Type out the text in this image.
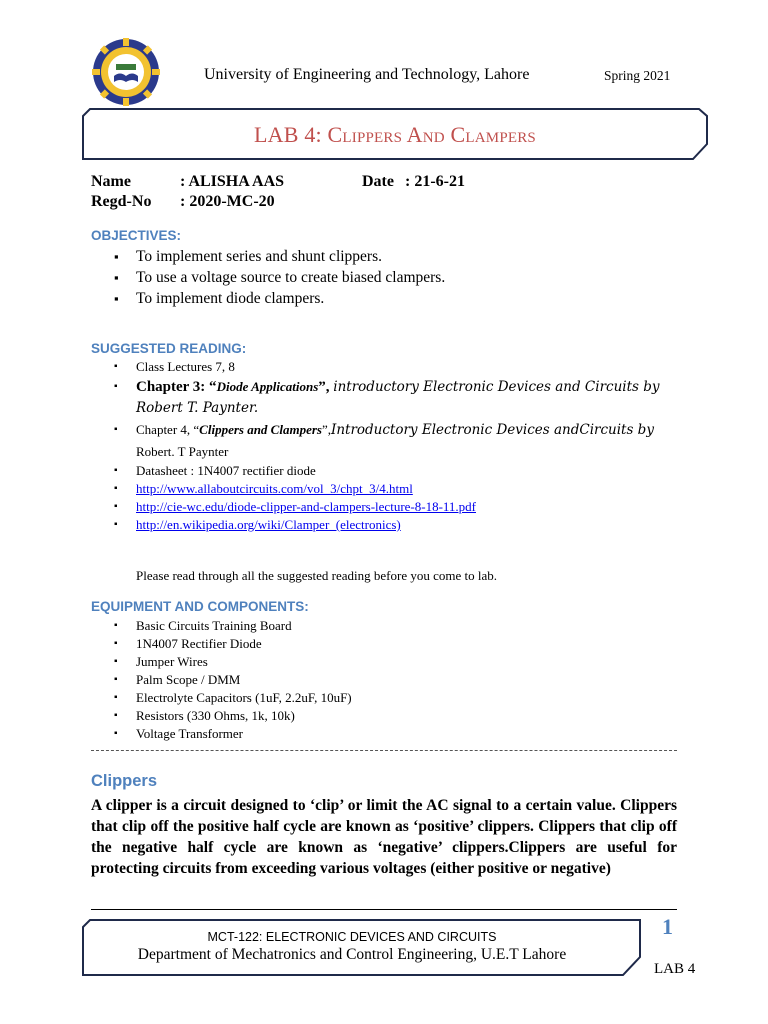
University of Engineering and Technology, Lahore	Spring 2021
LAB 4: Clippers And Clampers
Name	: ALISHA AAS	Date : 21-6-21
Regd-No : 2020-MC-20
OBJECTIVES:
▪ To implement series and shunt clippers.
▪ To use a voltage source to create biased clampers.
▪ To implement diode clampers.
SUGGESTED READING:
▪ Class Lectures 7, 8
▪ Chapter 3: “Diode Applications”, introductory Electronic Devices and Circuits by Robert T. Paynter.
▪ Chapter 4, “Clippers and Clampers”,Introductory Electronic Devices andCircuits by Robert. T Paynter
▪ Datasheet : 1N4007 rectifier diode
▪ http://www.allaboutcircuits.com/vol_3/chpt_3/4.html
▪ http://cie-wc.edu/diode-clipper-and-clampers-lecture-8-18-11.pdf
▪ http://en.wikipedia.org/wiki/Clamper_(electronics)
Please read through all the suggested reading before you come to lab.
EQUIPMENT AND COMPONENTS:
▪ Basic Circuits Training Board
▪ 1N4007 Rectifier Diode
▪ Jumper Wires
▪ Palm Scope / DMM
▪ Electrolyte Capacitors (1uF, 2.2uF, 10uF)
▪ Resistors (330 Ohms, 1k, 10k)
▪ Voltage Transformer
Clippers
A clipper is a circuit designed to ‘clip’ or limit the AC signal to a certain value. Clippers that clip off the positive half cycle are known as ‘positive’ clippers. Clippers that clip off the negative half cycle are known as ‘negative’ clippers.Clippers are useful for protecting circuits from exceeding various voltages (either positive or negative)
MCT-122: ELECTRONIC DEVICES AND CIRCUITS
Department of Mechatronics and Control Engineering, U.E.T Lahore
1
LAB 4
